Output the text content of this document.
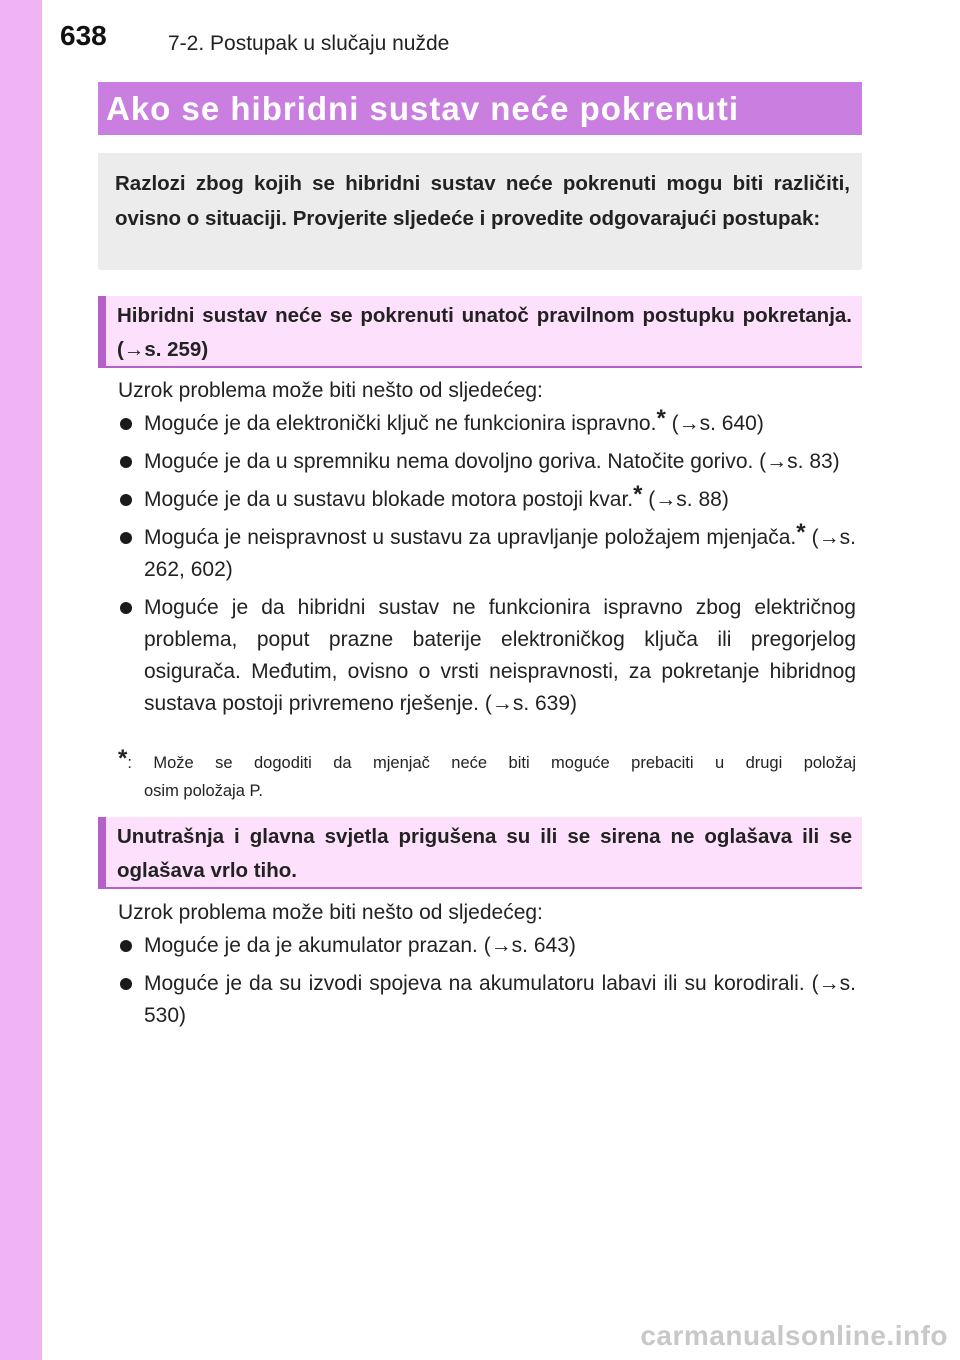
638	7-2. Postupak u slučaju nužde
Ako se hibridni sustav neće pokrenuti
Razlozi zbog kojih se hibridni sustav neće pokrenuti mogu biti različiti, ovisno o situaciji. Provjerite sljedeće i provedite odgovarajući postupak:
Hibridni sustav neće se pokrenuti unatoč pravilnom postupku pokretanja. (→s. 259)
Uzrok problema može biti nešto od sljedećeg:
Moguće je da elektronički ključ ne funkcionira ispravno.* (→s. 640)
Moguće je da u spremniku nema dovoljno goriva. Natočite gorivo. (→s. 83)
Moguće je da u sustavu blokade motora postoji kvar.* (→s. 88)
Moguća je neispravnost u sustavu za upravljanje položajem mjenjača.* (→s. 262, 602)
Moguće je da hibridni sustav ne funkcionira ispravno zbog električnog problema, poput prazne baterije elektroničkog ključa ili pregorjelog osigurača. Međutim, ovisno o vrsti neispravnosti, za pokretanje hibridnog sustava postoji privremeno rješenje. (→s. 639)
*: Može se dogoditi da mjenjač neće biti moguće prebaciti u drugi položaj
osim položaja P.
Unutrašnja i glavna svjetla prigušena su ili se sirena ne oglašava ili se oglašava vrlo tiho.
Uzrok problema može biti nešto od sljedećeg:
Moguće je da je akumulator prazan. (→s. 643)
Moguće je da su izvodi spojeva na akumulatoru labavi ili su korodirali. (→s. 530)
carmanualsonline.info
